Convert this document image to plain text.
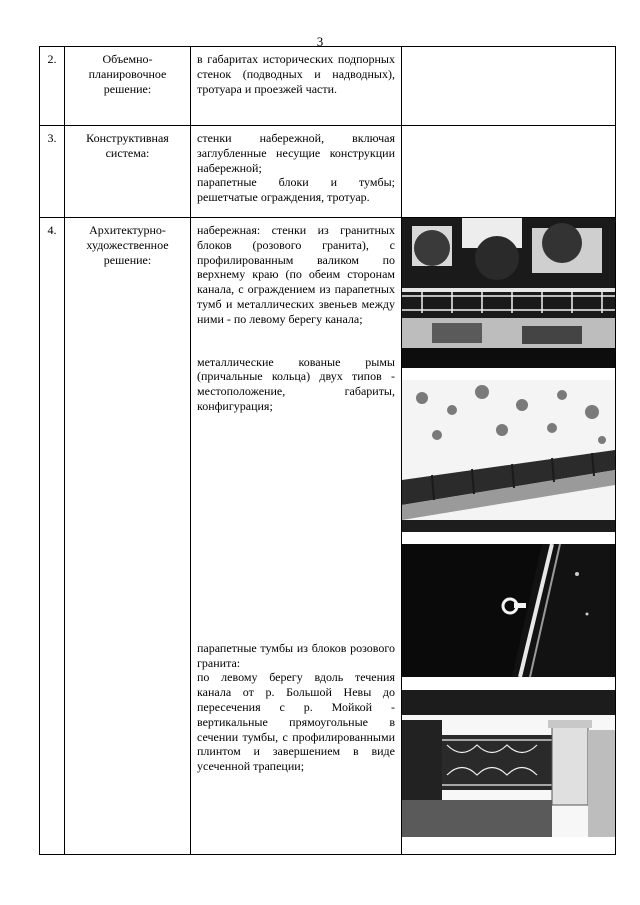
3
2.	Объемно-планировочное решение:	в габаритах исторических подпорных стенок (подводных и надводных), тротуара и проезжей части.	

3.	Конструктивная система:	стенки набережной, включая заглубленные несущие конструкции набережной;

парапетные блоки и тумбы; решетчатые ограждения, тротуар.	

4.	Архитектурно-художественное решение:	набережная: стенки из гранитных блоков (розового гранита), с профилированным валиком по верхнему краю (по обеим сторонам канала, с ограждением из парапетных тумб и металлических звеньев между ними - по левому берегу канала;

металлические кованые рымы (причальные кольца) двух типов - местоположение, габариты, конфигурация;

парапетные тумбы из блоков розового гранита:

по левому берегу вдоль течения канала от р. Большой Невы до пересечения с р. Мойкой - вертикальные прямоугольные в сечении тумбы, с профилированными плинтом и завершением в виде усеченной трапеции;
